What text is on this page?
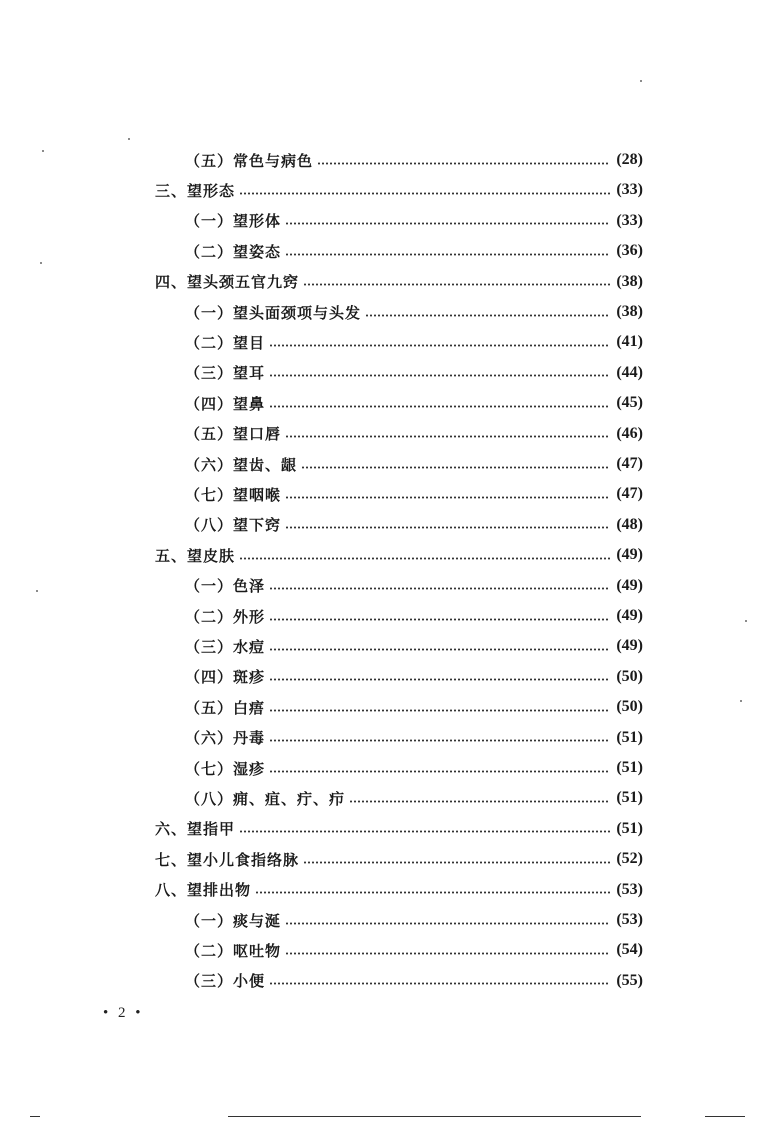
（五）常色与病色	(28)
三、望形态	(33)
（一）望形体	(33)
（二）望姿态	(36)
四、望头颈五官九窍	(38)
（一）望头面颈项与头发	(38)
（二）望目	(41)
（三）望耳	(44)
（四）望鼻	(45)
（五）望口唇	(46)
（六）望齿、龈	(47)
（七）望咽喉	(47)
（八）望下窍	(48)
五、望皮肤	(49)
（一）色泽	(49)
（二）外形	(49)
（三）水痘	(49)
（四）斑疹	(50)
（五）白痦	(50)
（六）丹毒	(51)
（七）湿疹	(51)
（八）痈、疽、疔、疖	(51)
六、望指甲	(51)
七、望小儿食指络脉	(52)
八、望排出物	(53)
（一）痰与涎	(53)
（二）呕吐物	(54)
（三）小便	(55)
• 2 •
